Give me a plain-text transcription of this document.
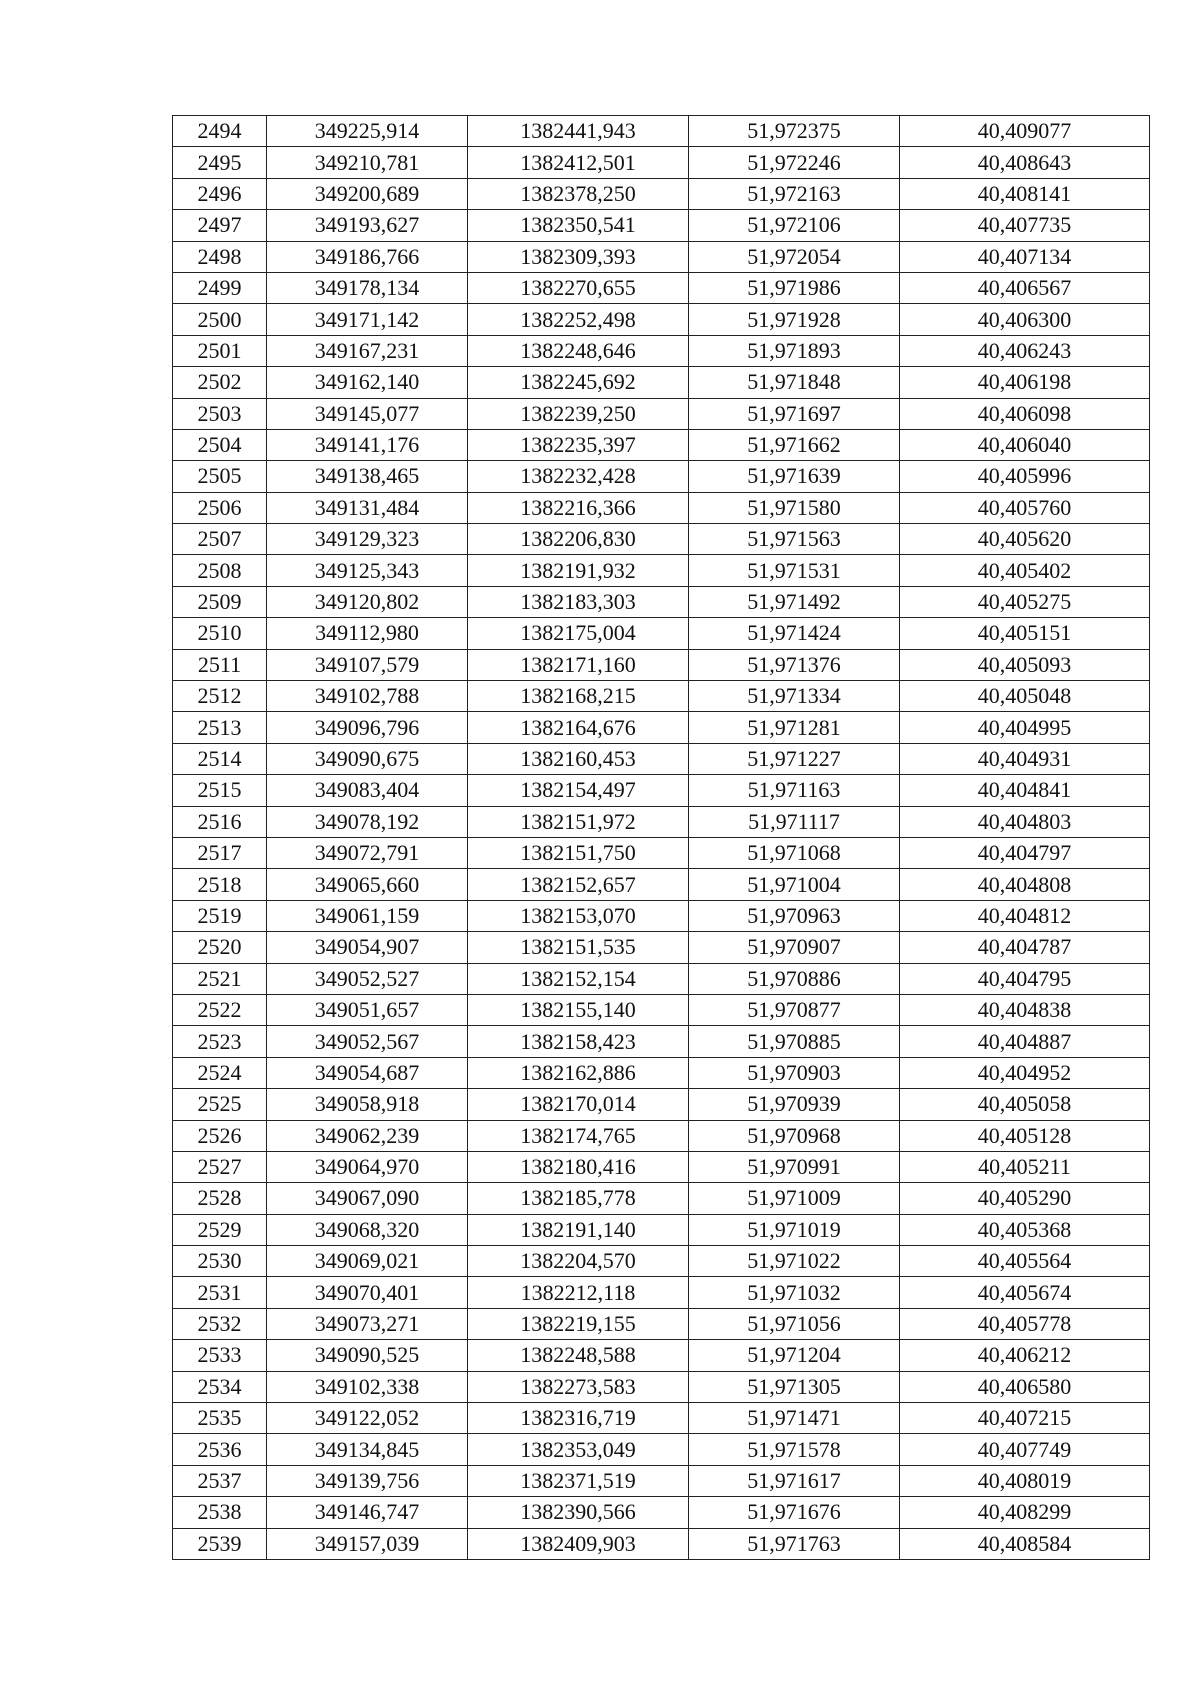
2494	349225,914	1382441,943	51,972375	40,409077
2495	349210,781	1382412,501	51,972246	40,408643
2496	349200,689	1382378,250	51,972163	40,408141
2497	349193,627	1382350,541	51,972106	40,407735
2498	349186,766	1382309,393	51,972054	40,407134
2499	349178,134	1382270,655	51,971986	40,406567
2500	349171,142	1382252,498	51,971928	40,406300
2501	349167,231	1382248,646	51,971893	40,406243
2502	349162,140	1382245,692	51,971848	40,406198
2503	349145,077	1382239,250	51,971697	40,406098
2504	349141,176	1382235,397	51,971662	40,406040
2505	349138,465	1382232,428	51,971639	40,405996
2506	349131,484	1382216,366	51,971580	40,405760
2507	349129,323	1382206,830	51,971563	40,405620
2508	349125,343	1382191,932	51,971531	40,405402
2509	349120,802	1382183,303	51,971492	40,405275
2510	349112,980	1382175,004	51,971424	40,405151
2511	349107,579	1382171,160	51,971376	40,405093
2512	349102,788	1382168,215	51,971334	40,405048
2513	349096,796	1382164,676	51,971281	40,404995
2514	349090,675	1382160,453	51,971227	40,404931
2515	349083,404	1382154,497	51,971163	40,404841
2516	349078,192	1382151,972	51,971117	40,404803
2517	349072,791	1382151,750	51,971068	40,404797
2518	349065,660	1382152,657	51,971004	40,404808
2519	349061,159	1382153,070	51,970963	40,404812
2520	349054,907	1382151,535	51,970907	40,404787
2521	349052,527	1382152,154	51,970886	40,404795
2522	349051,657	1382155,140	51,970877	40,404838
2523	349052,567	1382158,423	51,970885	40,404887
2524	349054,687	1382162,886	51,970903	40,404952
2525	349058,918	1382170,014	51,970939	40,405058
2526	349062,239	1382174,765	51,970968	40,405128
2527	349064,970	1382180,416	51,970991	40,405211
2528	349067,090	1382185,778	51,971009	40,405290
2529	349068,320	1382191,140	51,971019	40,405368
2530	349069,021	1382204,570	51,971022	40,405564
2531	349070,401	1382212,118	51,971032	40,405674
2532	349073,271	1382219,155	51,971056	40,405778
2533	349090,525	1382248,588	51,971204	40,406212
2534	349102,338	1382273,583	51,971305	40,406580
2535	349122,052	1382316,719	51,971471	40,407215
2536	349134,845	1382353,049	51,971578	40,407749
2537	349139,756	1382371,519	51,971617	40,408019
2538	349146,747	1382390,566	51,971676	40,408299
2539	349157,039	1382409,903	51,971763	40,408584
